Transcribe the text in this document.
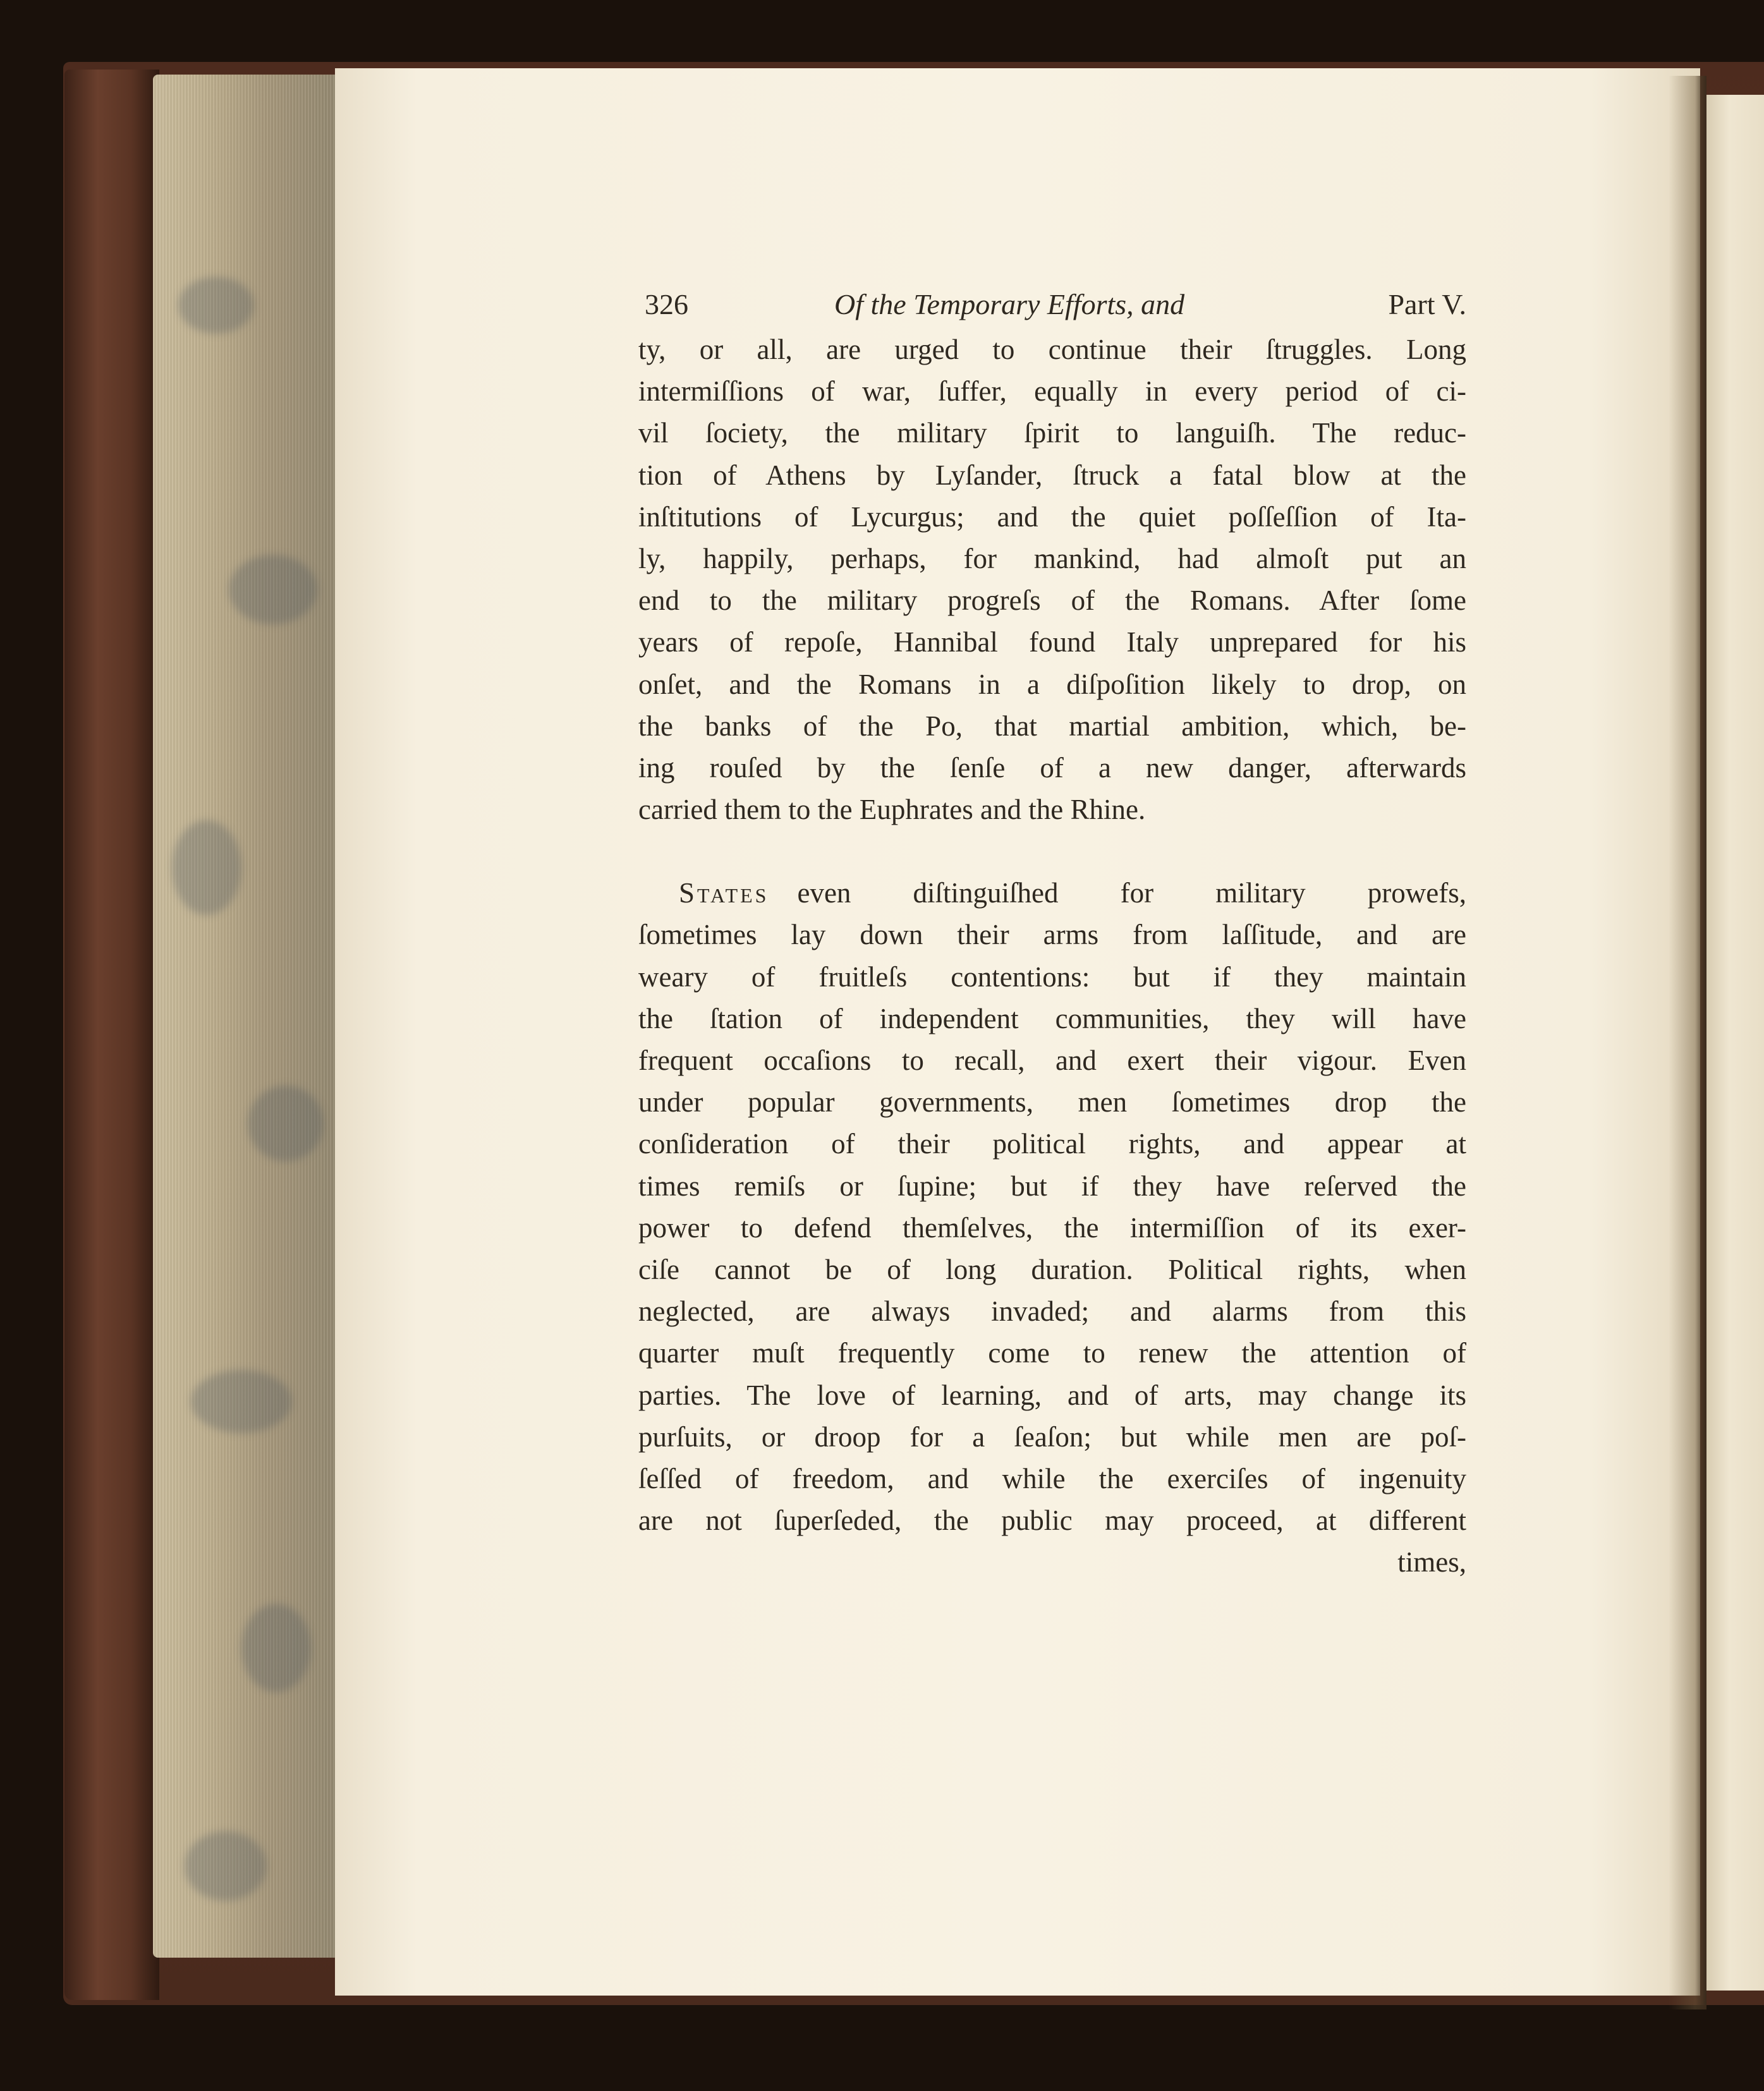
326	Of the Temporary Efforts, and	Part V.
ty, or all, are urged to continue their ſtruggles. Long
intermiſſions of war, ſuffer, equally in every period of ci-
vil ſociety, the military ſpirit to languiſh. The reduc-
tion of Athens by Lyſander, ſtruck a fatal blow at the
inſtitutions of Lycurgus; and the quiet poſſeſſion of Ita-
ly, happily, perhaps, for mankind, had almoſt put an
end to the military progreſs of the Romans. After ſome
years of repoſe, Hannibal found Italy unprepared for his
onſet, and the Romans in a diſpoſition likely to drop, on
the banks of the Po, that martial ambition, which, be-
ing rouſed by the ſenſe of a new danger, afterwards
carried them to the Euphrates and the Rhine.
States  even diſtinguiſhed for military prowefs,
ſometimes lay down their arms from laſſitude, and are
weary of fruitleſs contentions: but if they maintain
the ſtation of independent communities, they will have
frequent occaſions to recall, and exert their vigour. Even
under popular governments, men ſometimes drop the
conſideration of their political rights, and appear at
times remiſs or ſupine; but if they have reſerved the
power to defend themſelves, the intermiſſion of its exer-
ciſe cannot be of long duration. Political rights, when
neglected, are always invaded; and alarms from this
quarter muſt frequently come to renew the attention of
parties. The love of learning, and of arts, may change its
purſuits, or droop for a ſeaſon; but while men are poſ-
ſeſſed of freedom, and while the exerciſes of ingenuity
are not ſuperſeded, the public may proceed, at different
times,
